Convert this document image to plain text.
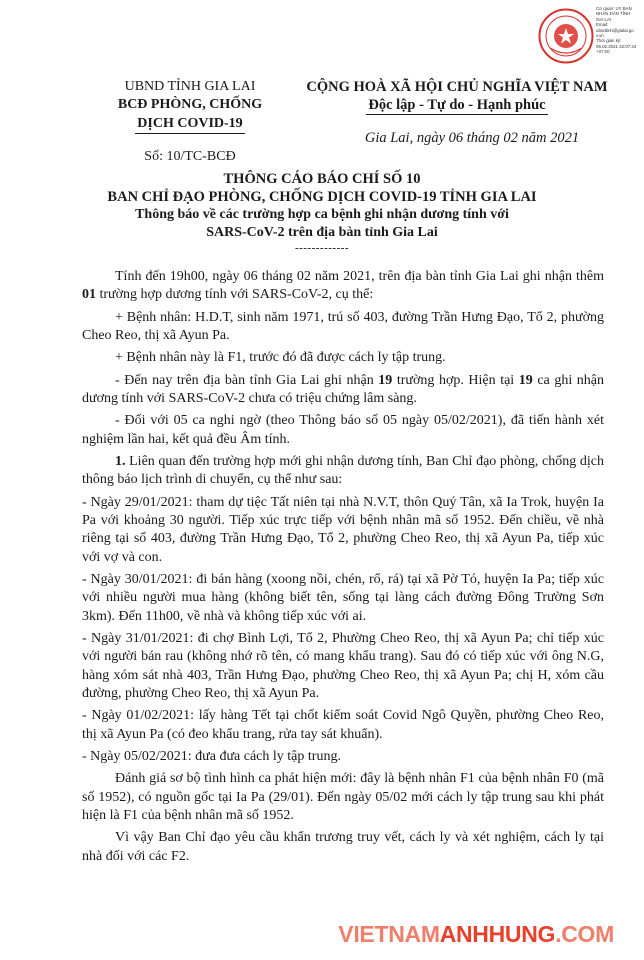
Cơ quan: ỦY BAN
NHÂN DÂN TỈNH
GIA LAI
Email:
ubndtinh@gialai.go
v.vn
Thời gian ký:
06.02.2021 22:07:34
+07:00
UBND TỈNH GIA LAI
BCĐ PHÒNG, CHỐNG
DỊCH COVID-19
Số: 10/TC-BCĐ
CỘNG HOÀ XÃ HỘI CHỦ NGHĨA VIỆT NAM
Độc lập - Tự do - Hạnh phúc
Gia Lai, ngày 06 tháng 02 năm 2021
THÔNG CÁO BÁO CHÍ SỐ 10
BAN CHỈ ĐẠO PHÒNG, CHỐNG DỊCH COVID-19 TỈNH GIA LAI
Thông báo về các trường hợp ca bệnh ghi nhận dương tính với
SARS-CoV-2 trên địa bàn tỉnh Gia Lai
-------------

Tính đến 19h00, ngày 06 tháng 02 năm 2021, trên địa bàn tỉnh Gia Lai ghi nhận thêm 01 trường hợp dương tính với SARS-CoV-2, cụ thể:

+ Bệnh nhân: H.D.T, sinh năm 1971, trú số 403, đường Trần Hưng Đạo, Tổ 2, phường Cheo Reo, thị xã Ayun Pa.

+ Bệnh nhân này là F1, trước đó đã được cách ly tập trung.

- Đến nay trên địa bàn tỉnh Gia Lai ghi nhận 19 trường hợp. Hiện tại 19 ca ghi nhận dương tính với SARS-CoV-2 chưa có triệu chứng lâm sàng.

- Đối với 05 ca nghi ngờ (theo Thông báo số 05 ngày 05/02/2021), đã tiến hành xét nghiệm lần hai, kết quả đều Âm tính.

1. Liên quan đến trường hợp mới ghi nhận dương tính, Ban Chỉ đạo phòng, chống dịch thông báo lịch trình di chuyển, cụ thể như sau:

- Ngày 29/01/2021: tham dự tiệc Tất niên tại nhà N.V.T, thôn Quý Tân, xã Ia Trok, huyện Ia Pa với khoảng 30 người. Tiếp xúc trực tiếp với bệnh nhân mã số 1952. Đến chiều, về nhà riêng tại số 403, đường Trần Hưng Đạo, Tổ 2, phường Cheo Reo, thị xã Ayun Pa, tiếp xúc với vợ và con.

- Ngày 30/01/2021: đi bán hàng (xoong nồi, chén, rổ, rá) tại xã Pờ Tó, huyện Ia Pa; tiếp xúc với nhiều người mua hàng (không biết tên, sống tại làng cách đường Đông Trường Sơn 3km). Đến 11h00, về nhà và không tiếp xúc với ai.

- Ngày 31/01/2021: đi chợ Bình Lợi, Tổ 2, Phường Cheo Reo, thị xã Ayun Pa; chỉ tiếp xúc với người bán rau (không nhớ rõ tên, có mang khẩu trang). Sau đó có tiếp xúc với ông N.G, hàng xóm sát nhà 403, Trần Hưng Đạo, phường Cheo Reo, thị xã Ayun Pa; chị H, xóm cầu đường, phường Cheo Reo, thị xã Ayun Pa.

- Ngày 01/02/2021: lấy hàng Tết tại chốt kiểm soát Covid Ngô Quyền, phường Cheo Reo, thị xã Ayun Pa (có đeo khẩu trang, rửa tay sát khuẩn).

- Ngày 05/02/2021: đưa đưa cách ly tập trung.

Đánh giá sơ bộ tình hình ca phát hiện mới: đây là bệnh nhân F1 của bệnh nhân F0 (mã số 1952), có nguồn gốc tại Ia Pa (29/01). Đến ngày 05/02 mới cách ly tập trung sau khi phát hiện là F1 của bệnh nhân mã số 1952.

Vì vậy Ban Chỉ đạo yêu cầu khẩn trương truy vết, cách ly và xét nghiệm, cách ly tại nhà đối với các F2.

VIETNAMANHHUNG.COM
